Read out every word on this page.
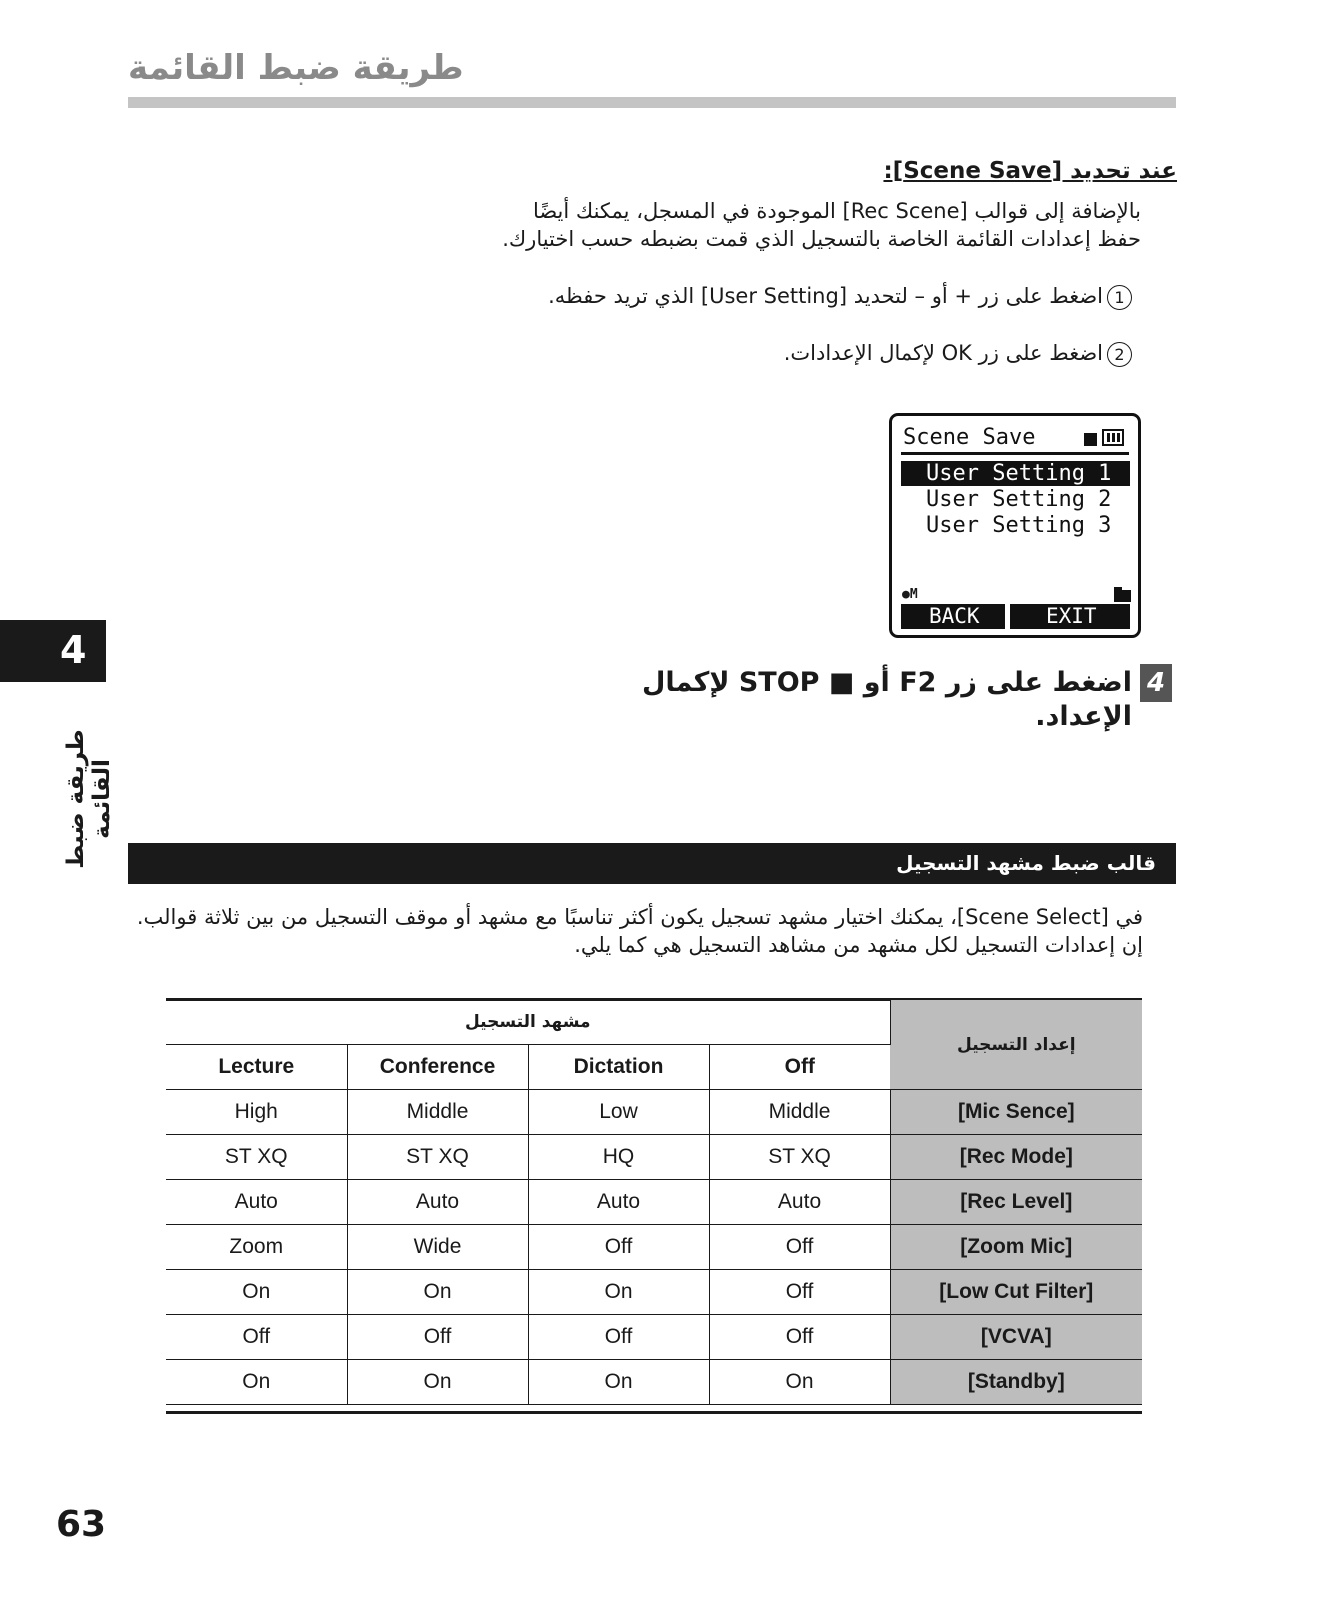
طريقة ضبط القائمة
عند تحديد [Scene Save]:
بالإضافة إلى قوالب [Rec Scene] الموجودة في المسجل، يمكنك أيضًا حفظ إعدادات القائمة الخاصة بالتسجيل الذي قمت بضبطه حسب اختيارك.
1اضغط على زر + أو – لتحديد [User Setting] الذي تريد حفظه.
2اضغط على زر OK لإكمال الإعدادات.
Scene Save
User Setting 1
User Setting 2
User Setting 3
●M
BACK	EXIT
4
اضغط على زر F2 أو ■ STOP لإكمال الإعداد.
4
طريقة ضبط القائمة
قالب ضبط مشهد التسجيل
في [Scene Select]، يمكنك اختيار مشهد تسجيل يكون أكثر تناسبًا مع مشهد أو موقف التسجيل من بين ثلاثة قوالب. إن إعدادات التسجيل لكل مشهد من مشاهد التسجيل هي كما يلي.
مشهد التسجيل				إعداد التسجيل
Lecture	Conference	Dictation	Off	
High	Middle	Low	Middle	[Mic Sence]
ST XQ	ST XQ	HQ	ST XQ	[Rec Mode]
Auto	Auto	Auto	Auto	[Rec Level]
Zoom	Wide	Off	Off	[Zoom Mic]
On	On	On	Off	[Low Cut Filter]
Off	Off	Off	Off	[VCVA]
On	On	On	On	[Standby]
63
